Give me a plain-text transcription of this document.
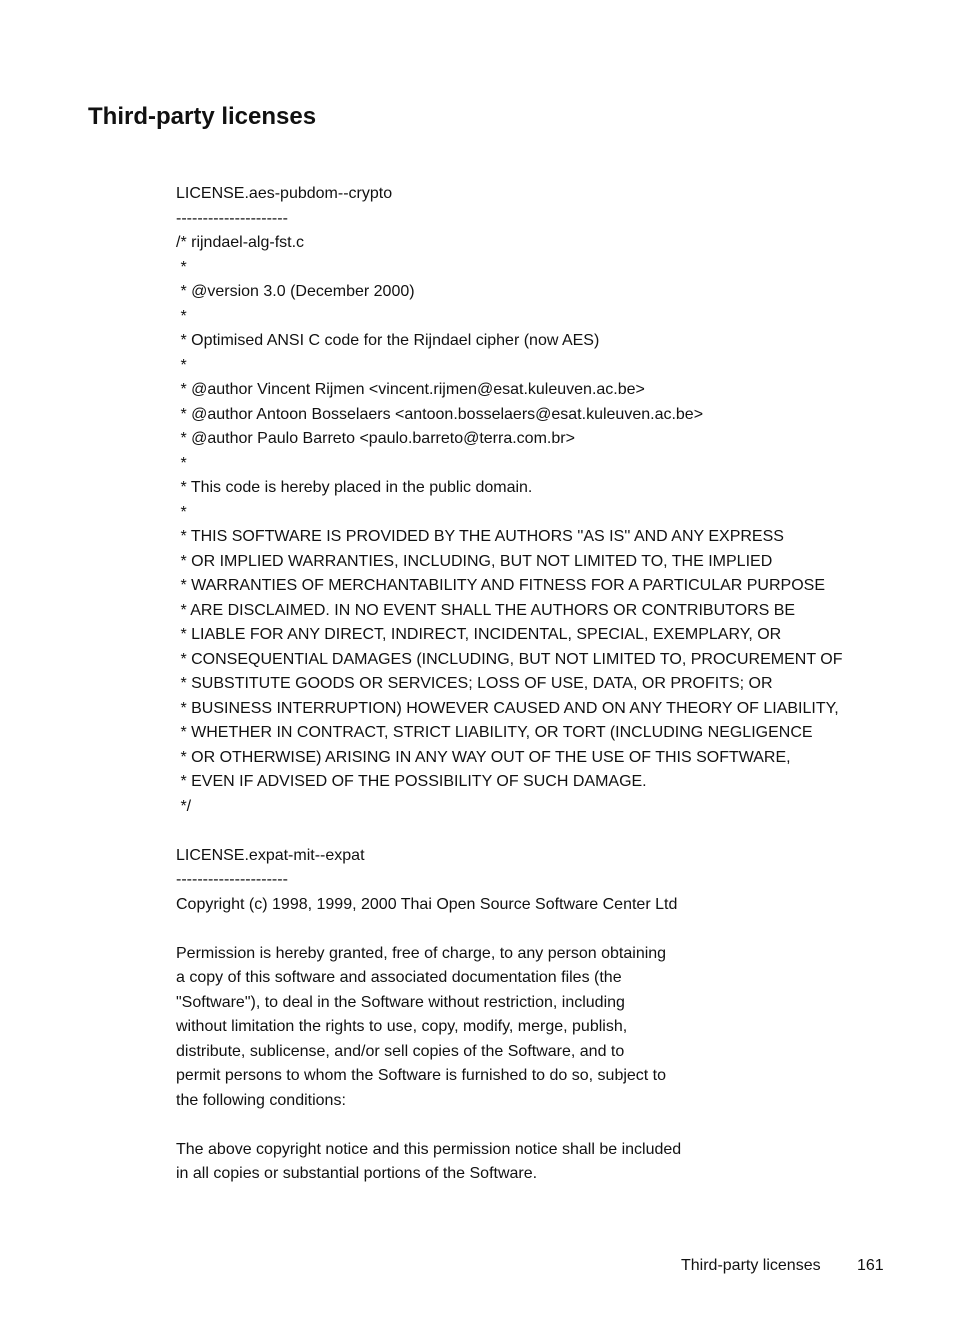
Third-party licenses
LICENSE.aes-pubdom--crypto
---------------------
/* rijndael-alg-fst.c
*
* @version 3.0 (December 2000)
*
* Optimised ANSI C code for the Rijndael cipher (now AES)
*
* @author Vincent Rijmen <vincent.rijmen@esat.kuleuven.ac.be>
* @author Antoon Bosselaers <antoon.bosselaers@esat.kuleuven.ac.be>
* @author Paulo Barreto <paulo.barreto@terra.com.br>
*
* This code is hereby placed in the public domain.
*
* THIS SOFTWARE IS PROVIDED BY THE AUTHORS ''AS IS'' AND ANY EXPRESS
* OR IMPLIED WARRANTIES, INCLUDING, BUT NOT LIMITED TO, THE IMPLIED
* WARRANTIES OF MERCHANTABILITY AND FITNESS FOR A PARTICULAR PURPOSE
* ARE DISCLAIMED. IN NO EVENT SHALL THE AUTHORS OR CONTRIBUTORS BE
* LIABLE FOR ANY DIRECT, INDIRECT, INCIDENTAL, SPECIAL, EXEMPLARY, OR
* CONSEQUENTIAL DAMAGES (INCLUDING, BUT NOT LIMITED TO, PROCUREMENT OF
* SUBSTITUTE GOODS OR SERVICES; LOSS OF USE, DATA, OR PROFITS; OR
* BUSINESS INTERRUPTION) HOWEVER CAUSED AND ON ANY THEORY OF LIABILITY,
* WHETHER IN CONTRACT, STRICT LIABILITY, OR TORT (INCLUDING NEGLIGENCE
* OR OTHERWISE) ARISING IN ANY WAY OUT OF THE USE OF THIS SOFTWARE,
* EVEN IF ADVISED OF THE POSSIBILITY OF SUCH DAMAGE.
*/
LICENSE.expat-mit--expat
---------------------
Copyright (c) 1998, 1999, 2000 Thai Open Source Software Center Ltd
Permission is hereby granted, free of charge, to any person obtaining
a copy of this software and associated documentation files (the
"Software"), to deal in the Software without restriction, including
without limitation the rights to use, copy, modify, merge, publish,
distribute, sublicense, and/or sell copies of the Software, and to
permit persons to whom the Software is furnished to do so, subject to
the following conditions:
The above copyright notice and this permission notice shall be included
in all copies or substantial portions of the Software.
Third-party licenses 161
